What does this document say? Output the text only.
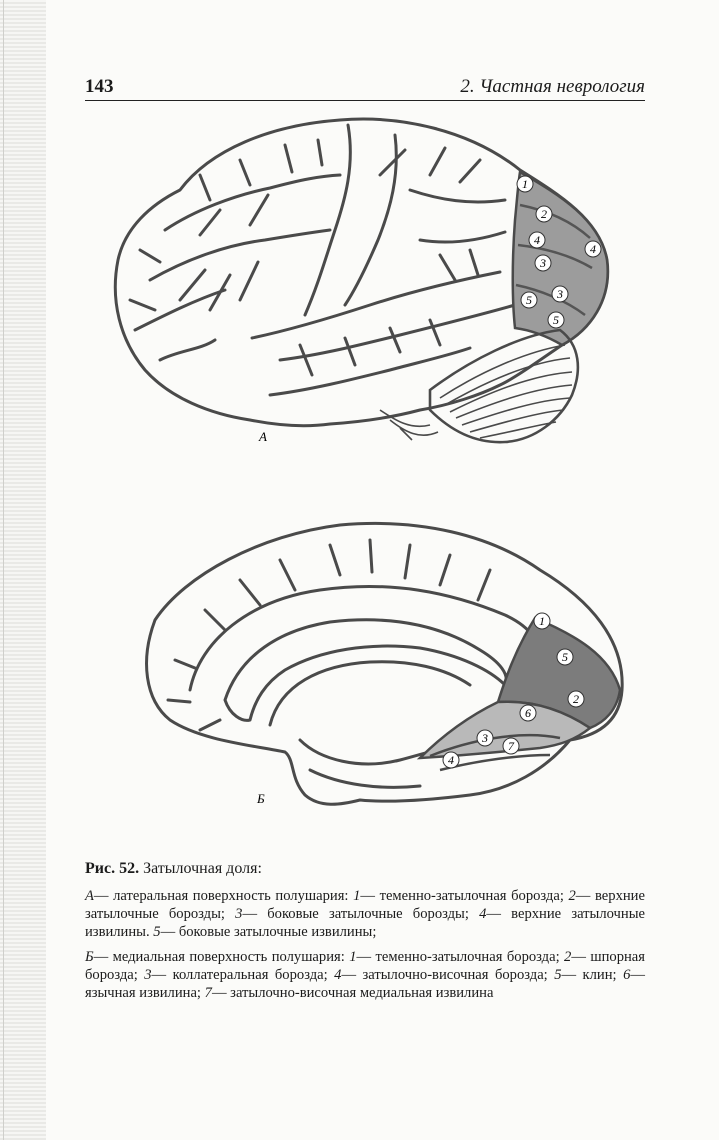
143	2. Частная неврология
1
2
4
3
3
5
4
5
А
1
5
2
6
3
7
4
Б
Рис. 52. Затылочная доля:

А— латеральная поверхность полушария: 1— теменно-затылочная борозда; 2— верхние затылочные борозды; 3— боковые затылочные борозды; 4— верхние затылочные извилины. 5— боковые затылочные извилины;

Б— медиальная поверхность полушария: 1— теменно-затылочная борозда; 2— шпорная борозда; 3— коллатеральная борозда; 4— затылочно-височная борозда; 5— клин; 6— язычная извилина; 7— затылочно-височная медиальная извилина
